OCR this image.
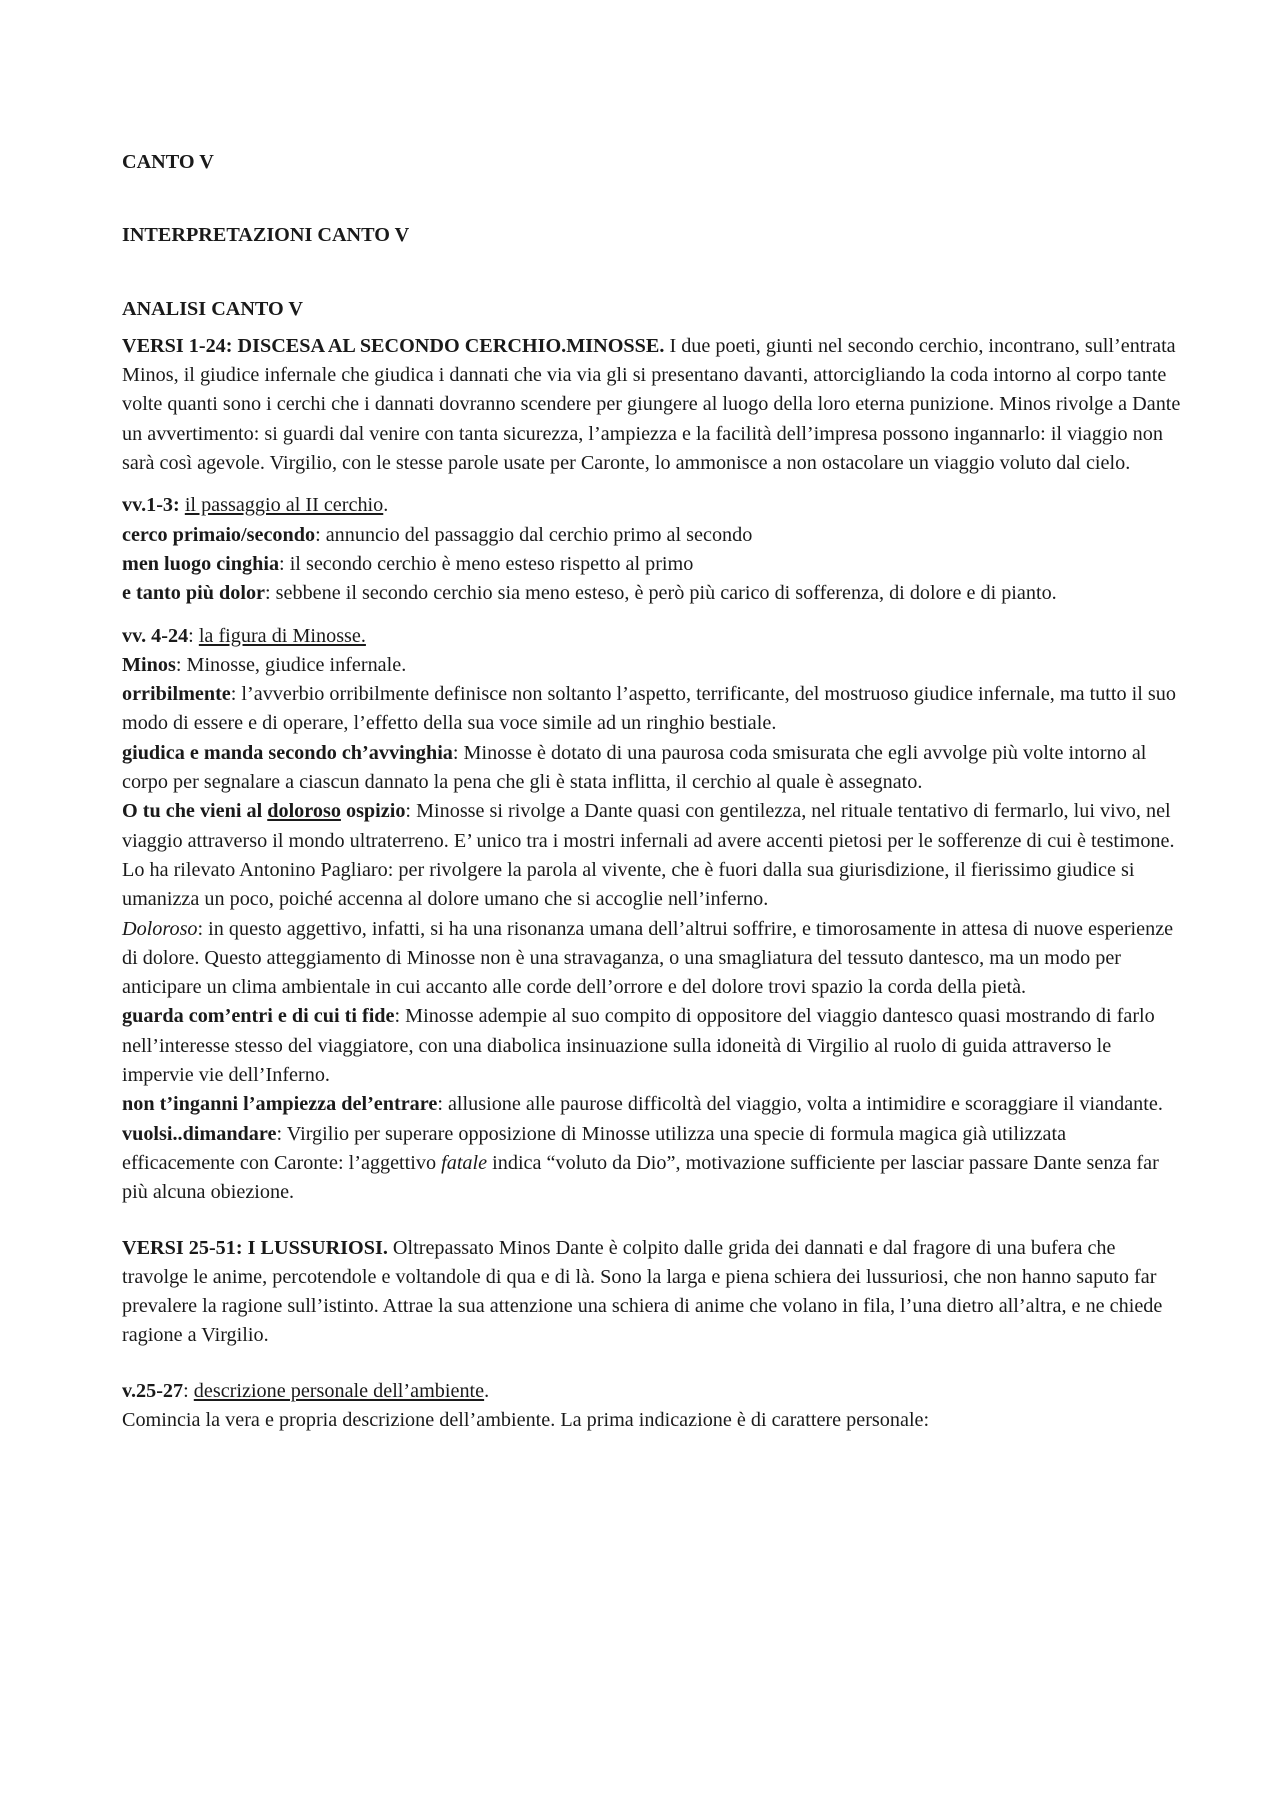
CANTO V

INTERPRETAZIONI CANTO V

ANALISI CANTO V

VERSI 1-24: DISCESA AL SECONDO CERCHIO.MINOSSE. I due poeti, giunti nel secondo cerchio, incontrano, sull’entrata Minos, il giudice infernale che giudica i dannati che via via gli si presentano davanti, attorcigliando la coda intorno al corpo tante volte quanti sono i cerchi che i dannati dovranno scendere per giungere al luogo della loro eterna punizione. Minos rivolge a Dante un avvertimento: si guardi dal venire con tanta sicurezza, l’ampiezza e la facilità dell’impresa possono ingannarlo: il viaggio non sarà così agevole. Virgilio, con le stesse parole usate per Caronte, lo ammonisce a non ostacolare un viaggio voluto dal cielo.

vv.1-3: il passaggio al II cerchio.

cerco primaio/secondo: annuncio del passaggio dal cerchio primo al secondo

men luogo cinghia: il secondo cerchio è meno esteso rispetto al primo

e tanto più dolor: sebbene il secondo cerchio sia meno esteso, è però più carico di sofferenza, di dolore e di pianto.

vv. 4-24: la figura di Minosse.

Minos: Minosse, giudice infernale.

orribilmente: l’avverbio orribilmente definisce non soltanto l’aspetto, terrificante, del mostruoso giudice infernale, ma tutto il suo modo di essere e di operare, l’effetto della sua voce simile ad un ringhio bestiale.

giudica e manda secondo ch’avvinghia: Minosse è dotato di una paurosa coda smisurata che egli avvolge più volte intorno al corpo per segnalare a ciascun dannato la pena che gli è stata inflitta, il cerchio al quale è assegnato.

O tu che vieni al doloroso ospizio: Minosse si rivolge a Dante quasi con gentilezza, nel rituale tentativo di fermarlo, lui vivo, nel viaggio attraverso il mondo ultraterreno. E’ unico tra i mostri infernali ad avere accenti pietosi per le sofferenze di cui è testimone. Lo ha rilevato Antonino Pagliaro: per rivolgere la parola al vivente, che è fuori dalla sua giurisdizione, il fierissimo giudice si umanizza un poco, poiché accenna al dolore umano che si accoglie nell’inferno.

Doloroso: in questo aggettivo, infatti, si ha una risonanza umana dell’altrui soffrire, e timorosamente in attesa di nuove esperienze di dolore. Questo atteggiamento di Minosse non è una stravaganza, o una smagliatura del tessuto dantesco, ma un modo per anticipare un clima ambientale in cui accanto alle corde dell’orrore e del dolore trovi spazio la corda della pietà.

guarda com’entri e di cui ti fide: Minosse adempie al suo compito di oppositore del viaggio dantesco quasi mostrando di farlo nell’interesse stesso del viaggiatore, con una diabolica insinuazione sulla idoneità di Virgilio al ruolo di guida attraverso le impervie vie dell’Inferno.

non t’inganni l’ampiezza del’entrare: allusione alle paurose difficoltà del viaggio, volta a intimidire e scoraggiare il viandante.

vuolsi..dimandare: Virgilio per superare opposizione di Minosse utilizza una specie di formula magica già utilizzata efficacemente con Caronte: l’aggettivo fatale indica “voluto da Dio”, motivazione sufficiente per lasciar passare Dante senza far più alcuna obiezione.

VERSI 25-51: I LUSSURIOSI. Oltrepassato Minos Dante è colpito dalle grida dei dannati e dal fragore di una bufera che travolge le anime, percotendole e voltandole di qua e di là. Sono la larga e piena schiera dei lussuriosi, che non hanno saputo far prevalere la ragione sull’istinto. Attrae la sua attenzione una schiera di anime che volano in fila, l’una dietro all’altra, e ne chiede ragione a Virgilio.

v.25-27: descrizione personale dell’ambiente.

Comincia la vera e propria descrizione dell’ambiente. La prima indicazione è di carattere personale:
